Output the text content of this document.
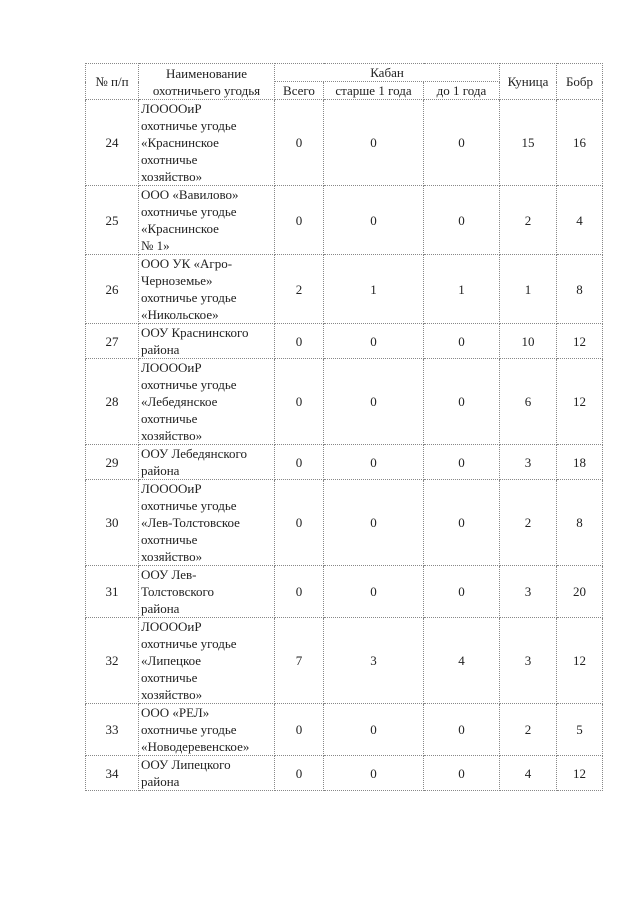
№ п/п	Наименование
охотничьего угодья	Кабан			Куница	Бобр
		Всего	старше 1 года	до 1 года		
24	ЛООООиР
охотничье угодье
«Краснинское
охотничье
хозяйство»	0	0	0	15	16
25	ООО «Вавилово»
охотничье угодье
«Краснинское
№ 1»	0	0	0	2	4
26	ООО УК «Агро-
Черноземье»
охотничье угодье
«Никольское»	2	1	1	1	8
27	ООУ Краснинского
района	0	0	0	10	12
28	ЛООООиР
охотничье угодье
«Лебедянское
охотничье
хозяйство»	0	0	0	6	12
29	ООУ Лебедянского
района	0	0	0	3	18
30	ЛООООиР
охотничье угодье
«Лев-Толстовское
охотничье
хозяйство»	0	0	0	2	8
31	ООУ Лев-
Толстовского
района	0	0	0	3	20
32	ЛООООиР
охотничье угодье
«Липецкое
охотничье
хозяйство»	7	3	4	3	12
33	ООО «РЕЛ»
охотничье угодье
«Новодеревенское»	0	0	0	2	5
34	ООУ Липецкого
района	0	0	0	4	12
